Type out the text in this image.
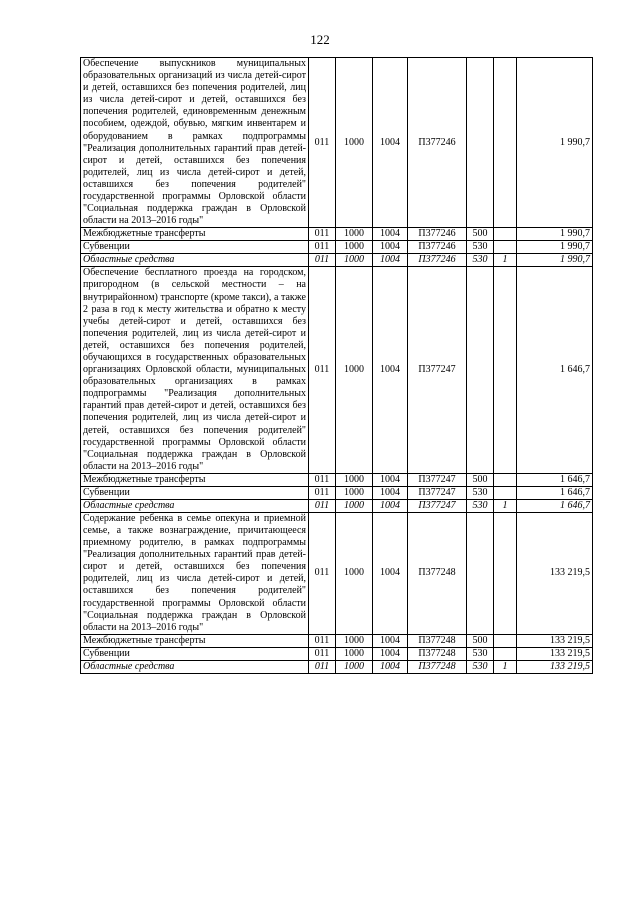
122
Обеспечение выпускников муниципальных образовательных организаций из числа детей-сирот и детей, оставшихся без попечения родителей, лиц из числа детей-сирот и детей, оставшихся без попечения родителей, единовременным денежным пособием, одеждой, обувью, мягким инвентарем и оборудованием в рамках подпрограммы "Реализация дополнительных гарантий прав детей-сирот и детей, оставшихся без попечения родителей, лиц из числа детей-сирот и детей, оставшихся без попечения родителей" государственной программы Орловской области "Социальная поддержка граждан в Орловской области на 2013–2016 годы"	011	1000	1004	П377246			1 990,7
Межбюджетные трансферты	011	1000	1004	П377246	500		1 990,7
Субвенции	011	1000	1004	П377246	530		1 990,7
Областные средства	011	1000	1004	П377246	530	1	1 990,7
Обеспечение бесплатного проезда на городском, пригородном (в сельской местности – на внутрирайонном) транспорте (кроме такси), а также 2 раза в год к месту жительства и обратно к месту учебы детей-сирот и детей, оставшихся без попечения родителей, лиц из числа детей-сирот и детей, оставшихся без попечения родителей, обучающихся в государственных образовательных организациях Орловской области, муниципальных образовательных организациях в рамках подпрограммы "Реализация дополнительных гарантий прав детей-сирот и детей, оставшихся без попечения родителей, лиц из числа детей-сирот и детей, оставшихся без попечения родителей" государственной программы Орловской области "Социальная поддержка граждан в Орловской области на 2013–2016 годы"	011	1000	1004	П377247			1 646,7
Межбюджетные трансферты	011	1000	1004	П377247	500		1 646,7
Субвенции	011	1000	1004	П377247	530		1 646,7
Областные средства	011	1000	1004	П377247	530	1	1 646,7
Содержание ребенка в семье опекуна и приемной семье, а также вознаграждение, причитающееся приемному родителю, в рамках подпрограммы "Реализация дополнительных гарантий прав детей-сирот и детей, оставшихся без попечения родителей, лиц из числа детей-сирот и детей, оставшихся без попечения родителей" государственной программы Орловской области "Социальная поддержка граждан в Орловской области на 2013–2016 годы"	011	1000	1004	П377248			133 219,5
Межбюджетные трансферты	011	1000	1004	П377248	500		133 219,5
Субвенции	011	1000	1004	П377248	530		133 219,5
Областные средства	011	1000	1004	П377248	530	1	133 219,5
